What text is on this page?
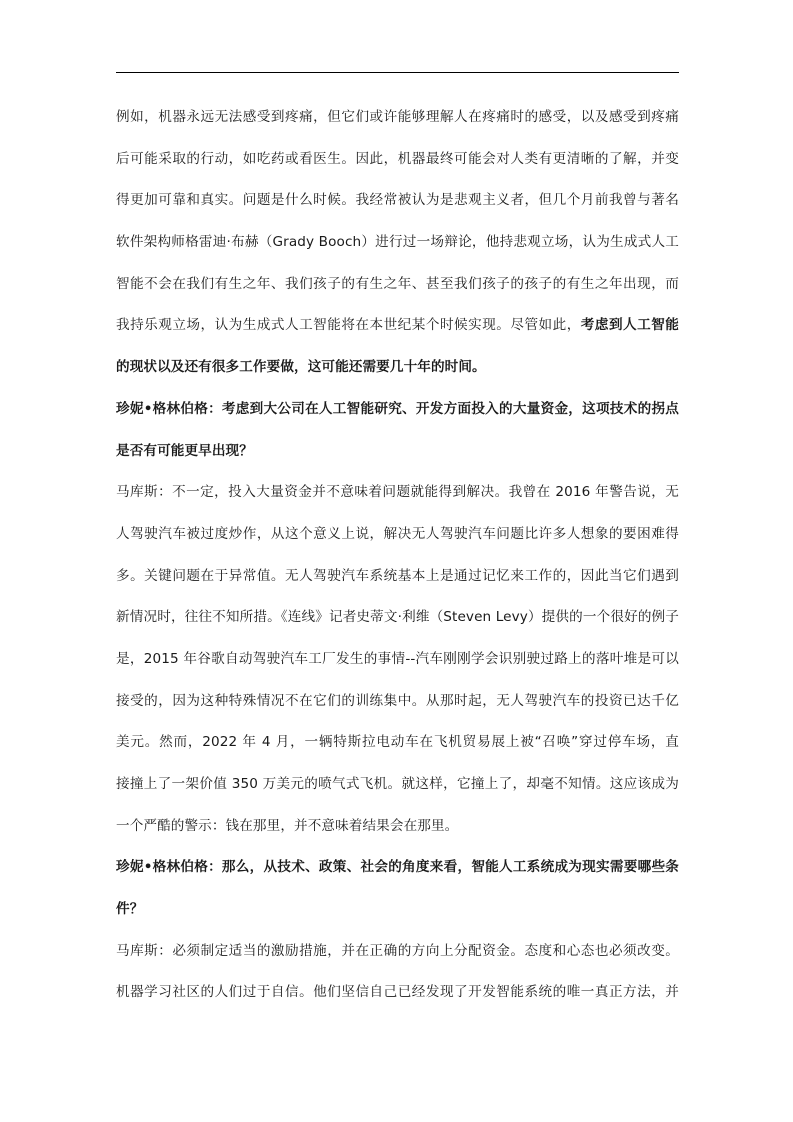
例如，机器永远无法感受到疼痛，但它们或许能够理解人在疼痛时的感受，以及感受到疼痛
后可能采取的行动，如吃药或看医生。因此，机器最终可能会对人类有更清晰的了解，并变
得更加可靠和真实。问题是什么时候。我经常被认为是悲观主义者，但几个月前我曾与著名
软件架构师格雷迪·布赫（Grady Booch）进行过一场辩论，他持悲观立场，认为生成式人工
智能不会在我们有生之年、我们孩子的有生之年、甚至我们孩子的孩子的有生之年出现，而
我持乐观立场，认为生成式人工智能将在本世纪某个时候实现。尽管如此，考虑到人工智能
的现状以及还有很多工作要做，这可能还需要几十年的时间。
珍妮•格林伯格：考虑到大公司在人工智能研究、开发方面投入的大量资金，这项技术的拐点
是否有可能更早出现？
马库斯：不一定，投入大量资金并不意味着问题就能得到解决。我曾在 2016 年警告说，无
人驾驶汽车被过度炒作，从这个意义上说，解决无人驾驶汽车问题比许多人想象的要困难得
多。关键问题在于异常值。无人驾驶汽车系统基本上是通过记忆来工作的，因此当它们遇到
新情况时，往往不知所措。《连线》记者史蒂文·利维（Steven Levy）提供的一个很好的例子
是，2015 年谷歌自动驾驶汽车工厂发生的事情--汽车刚刚学会识别驶过路上的落叶堆是可以
接受的，因为这种特殊情况不在它们的训练集中。从那时起，无人驾驶汽车的投资已达千亿
美元。然而，2022 年 4 月，一辆特斯拉电动车在飞机贸易展上被“召唤”穿过停车场，直
接撞上了一架价值 350 万美元的喷气式飞机。就这样，它撞上了，却毫不知情。这应该成为
一个严酷的警示：钱在那里，并不意味着结果会在那里。
珍妮•格林伯格：那么，从技术、政策、社会的角度来看，智能人工系统成为现实需要哪些条
件？
马库斯：必须制定适当的激励措施，并在正确的方向上分配资金。态度和心态也必须改变。
机器学习社区的人们过于自信。他们坚信自己已经发现了开发智能系统的唯一真正方法，并
